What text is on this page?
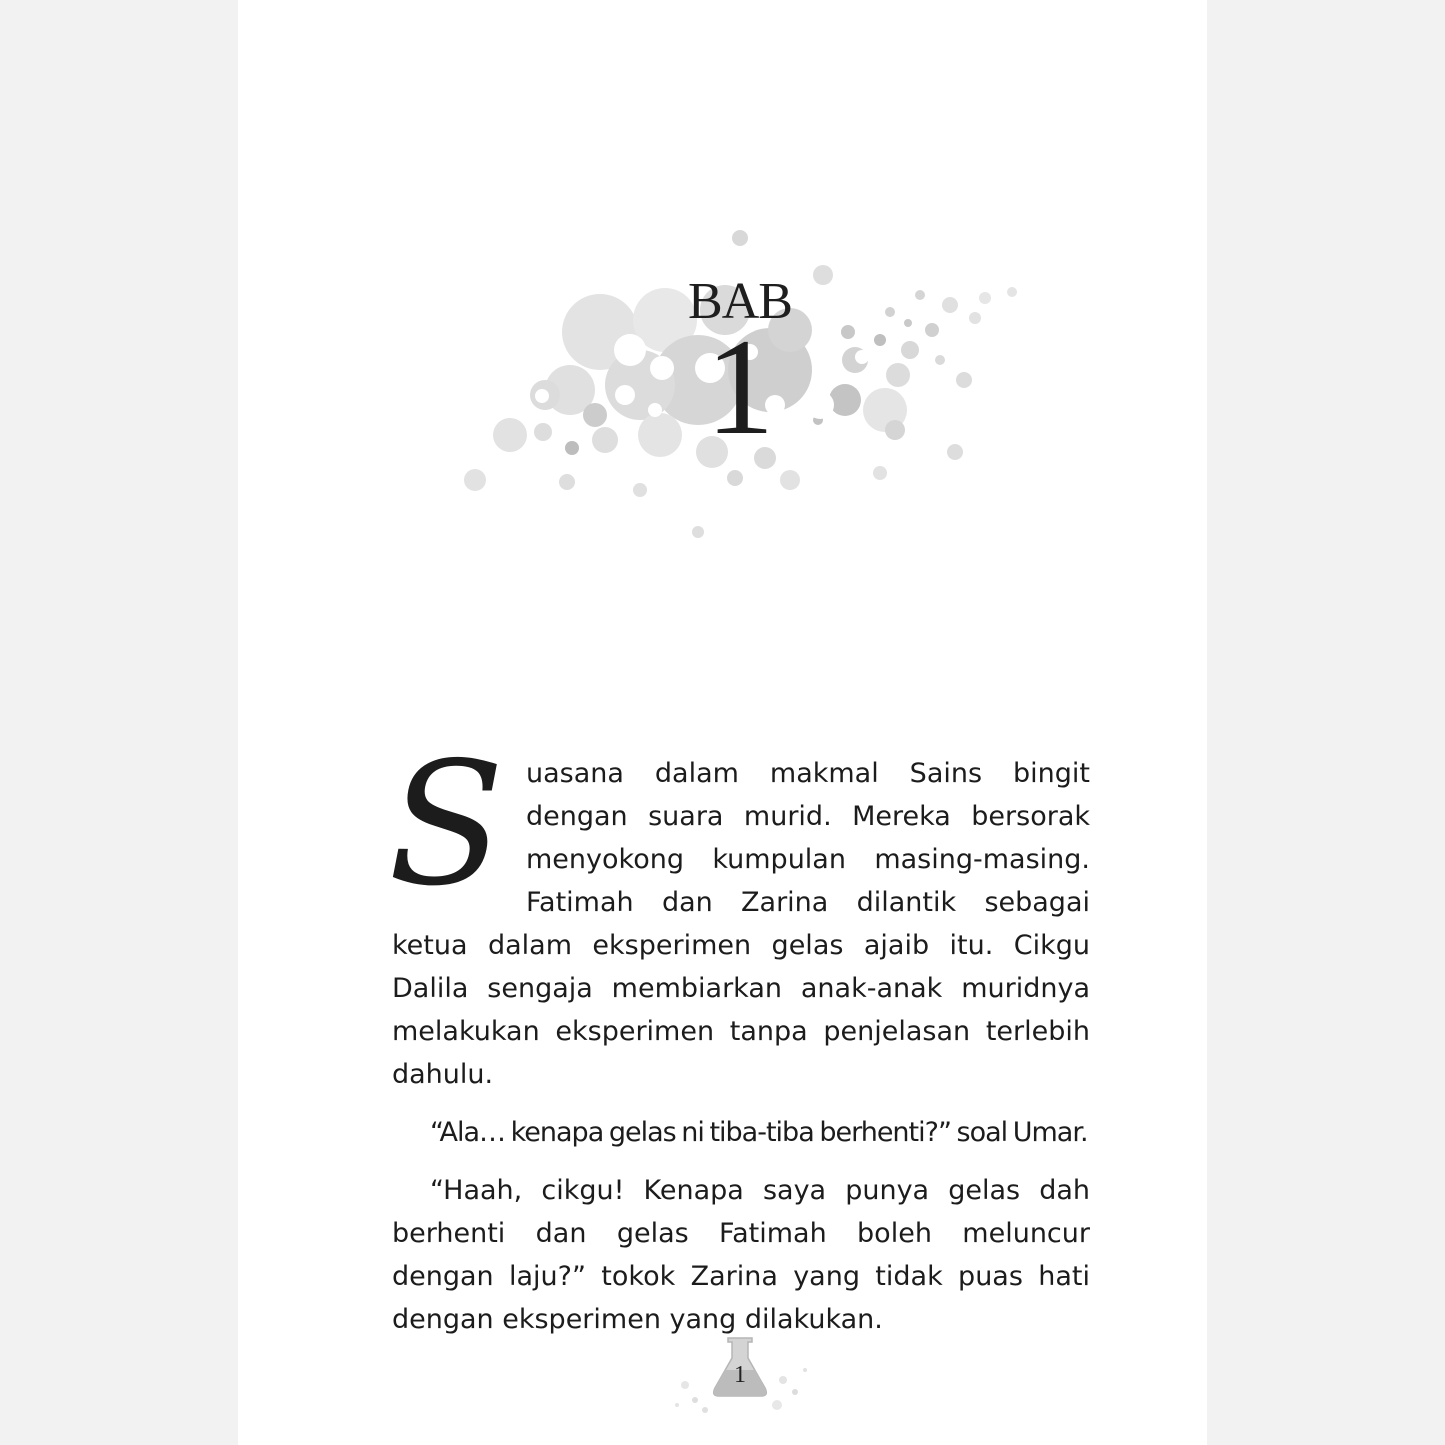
BAB
1

Suasana dalam makmal Sains bingit dengan suara murid. Mereka bersorak menyokong kumpulan masing-masing. Fatimah dan Zarina dilantik sebagai ketua dalam eksperimen gelas ajaib itu. Cikgu Dalila sengaja membiarkan anak-anak muridnya melakukan eksperimen tanpa penjelasan terlebih dahulu.

“Ala… kenapa gelas ni tiba-tiba berhenti?” soal Umar.

“Haah, cikgu! Kenapa saya punya gelas dah berhenti dan gelas Fatimah boleh meluncur dengan laju?” tokok Zarina yang tidak puas hati dengan eksperimen yang dilakukan.

1
